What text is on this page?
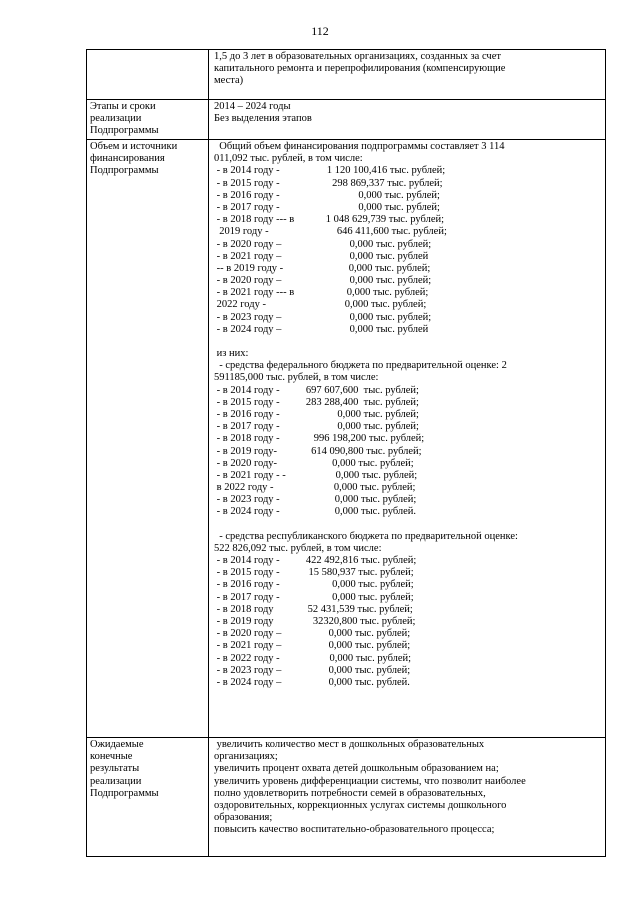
112
1,5 до 3 лет в образовательных организациях, созданных за счет
капитального ремонта и перепрофилирования (компенсирующие
места)
Этапы и сроки
реализации
Подпрограммы
2014 – 2024 годы
Без выделения этапов
Объем и источники
финансирования
Подпрограммы
Общий объем финансирования подпрограммы составляет 3 114
011,092 тыс. рублей, в том числе:
- в 2014 году -                  1 120 100,416 тыс. рублей;
- в 2015 году -                    298 869,337 тыс. рублей;
- в 2016 году -                              0,000 тыс. рублей;
- в 2017 году -                              0,000 тыс. рублей;
- в 2018 году --- в            1 048 629,739 тыс. рублей;
2019 году -                          646 411,600 тыс. рублей;
- в 2020 году –                          0,000 тыс. рублей;
- в 2021 году –                          0,000 тыс. рублей
-- в 2019 году -                         0,000 тыс. рублей;
- в 2020 году –                          0,000 тыс. рублей;
- в 2021 году --- в                    0,000 тыс. рублей;
2022 году -                              0,000 тыс. рублей;
- в 2023 году –                          0,000 тыс. рублей;
- в 2024 году –                          0,000 тыс. рублей
из них:
- средства федерального бюджета по предварительной оценке: 2
591185,000 тыс. рублей, в том числе:
- в 2014 году -          697 607,600  тыс. рублей;
- в 2015 году -          283 288,400  тыс. рублей;
- в 2016 году -                      0,000 тыс. рублей;
- в 2017 году -                      0,000 тыс. рублей;
- в 2018 году -             996 198,200 тыс. рублей;
- в 2019 году-             614 090,800 тыс. рублей;
- в 2020 году-                     0,000 тыс. рублей;
- в 2021 году - -                   0,000 тыс. рублей;
в 2022 году -                       0,000 тыс. рублей;
- в 2023 году -                     0,000 тыс. рублей;
- в 2024 году -                     0,000 тыс. рублей.
- средства республиканского бюджета по предварительной оценке:
522 826,092 тыс. рублей, в том числе:
- в 2014 году -          422 492,816 тыс. рублей;
- в 2015 году -           15 580,937 тыс. рублей;
- в 2016 году -                    0,000 тыс. рублей;
- в 2017 году -                    0,000 тыс. рублей;
- в 2018 году             52 431,539 тыс. рублей;
- в 2019 году               32320,800 тыс. рублей;
- в 2020 году –                  0,000 тыс. рублей;
- в 2021 году –                  0,000 тыс. рублей;
- в 2022 году -                   0,000 тыс. рублей;
- в 2023 году –                  0,000 тыс. рублей;
- в 2024 году –                  0,000 тыс. рублей.
Ожидаемые
конечные
результаты
реализации
Подпрограммы
увеличить количество мест в дошкольных образовательных
организациях;
увеличить процент охвата детей дошкольным образованием на;
увеличить уровень дифференциации системы, что позволит наиболее
полно удовлетворить потребности семей в образовательных,
оздоровительных, коррекционных услугах системы дошкольного
образования;
повысить качество воспитательно-образовательного процесса;
